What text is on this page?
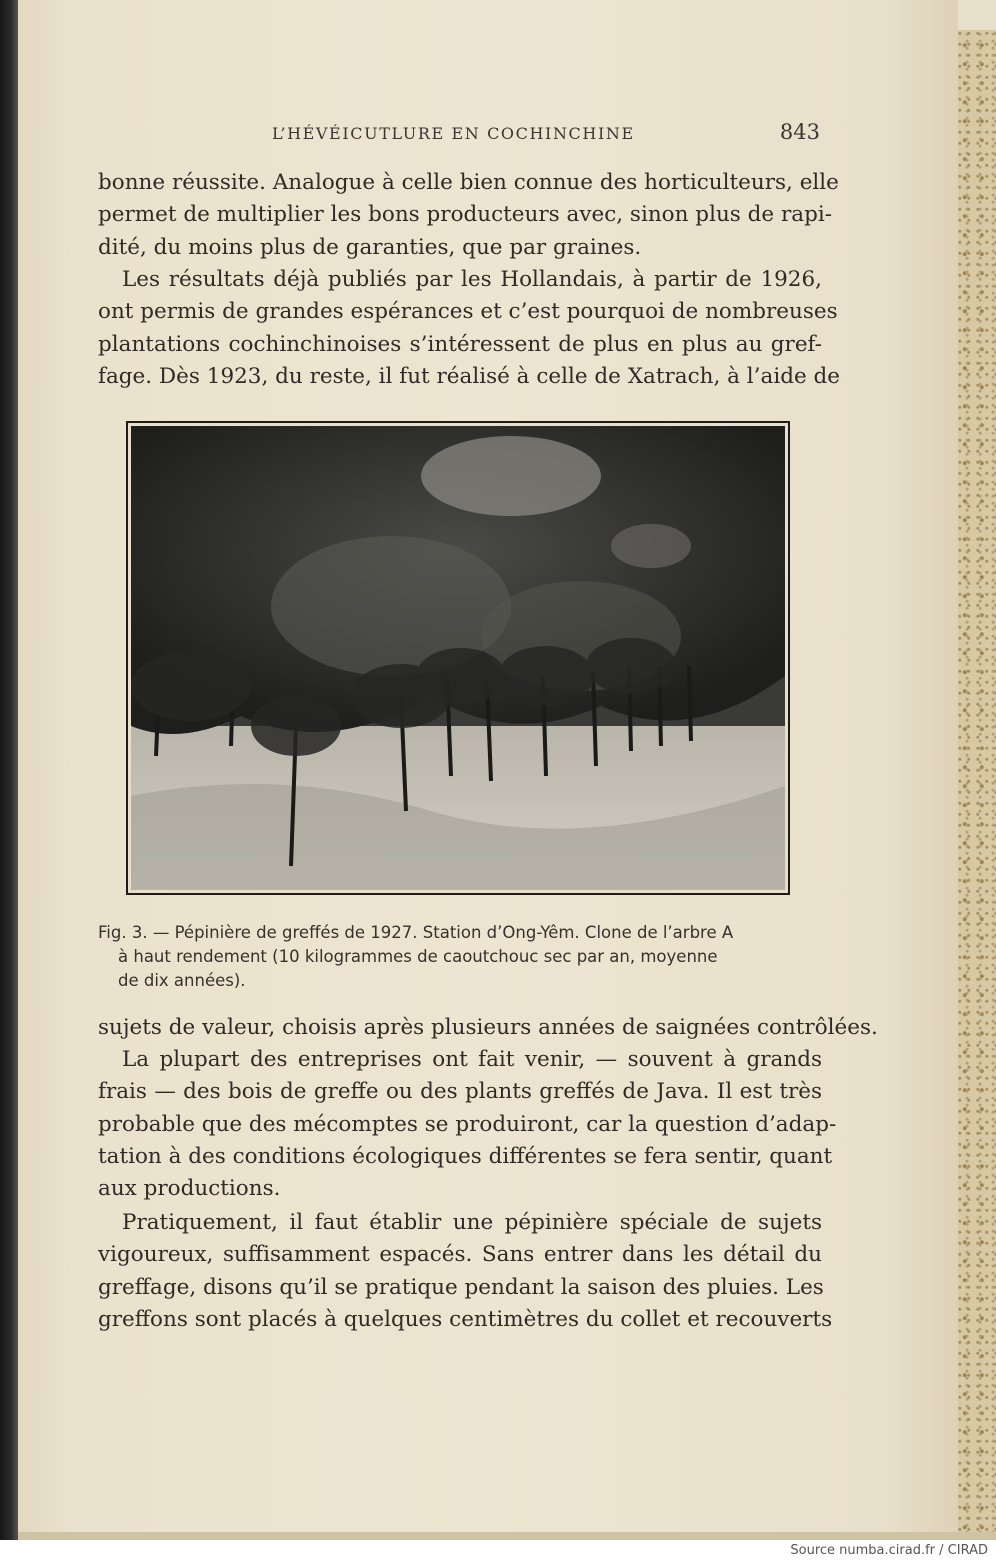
L’HÉVÉICUTLURE EN COCHINCHINE	843

bonne réussite. Analogue à celle bien connue des horticulteurs, elle
permet de multiplier les bons producteurs avec, sinon plus de rapi-
dité, du moins plus de garanties, que par graines.

Les résultats déjà publiés par les Hollandais, à partir de 1926,
ont permis de grandes espérances et c’est pourquoi de nombreuses
plantations cochinchinoises s’intéressent de plus en plus au gref-
fage. Dès 1923, du reste, il fut réalisé à celle de Xatrach, à l’aide de

Fig. 3. — Pépinière de greffés de 1927. Station d’Ong-Yêm. Clone de l’arbre A
à haut rendement (10 kilogrammes de caoutchouc sec par an, moyenne
de dix années).

sujets de valeur, choisis après plusieurs années de saignées contrôlées.

La plupart des entreprises ont fait venir, — souvent à grands
frais — des bois de greffe ou des plants greffés de Java. Il est très
probable que des mécomptes se produiront, car la question d’adap-
tation à des conditions écologiques différentes se fera sentir, quant
aux productions.

Pratiquement, il faut établir une pépinière spéciale de sujets
vigoureux, suffisamment espacés. Sans entrer dans les détail du
greffage, disons qu’il se pratique pendant la saison des pluies. Les
greffons sont placés à quelques centimètres du collet et recouverts

Source numba.cirad.fr / CIRAD
